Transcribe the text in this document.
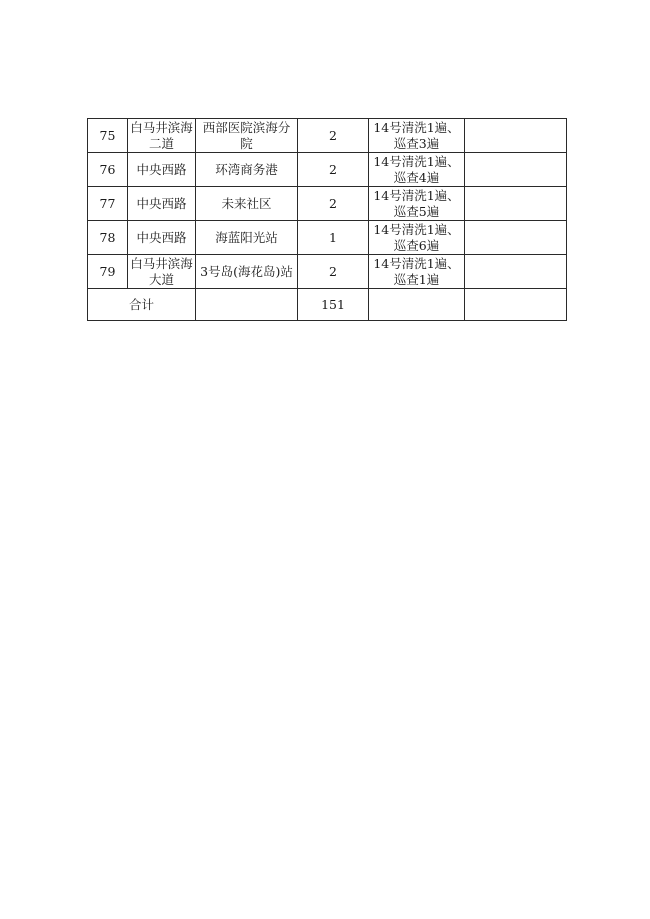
75	白马井滨海二道	西部医院滨海分院	2	14号清洗1遍、巡查3遍	
76	中央西路	环湾商务港	2	14号清洗1遍、巡查4遍	
77	中央西路	未来社区	2	14号清洗1遍、巡查5遍	
78	中央西路	海蓝阳光站	1	14号清洗1遍、巡查6遍	
79	白马井滨海大道	3号岛(海花岛)站	2	14号清洗1遍、巡查1遍	
合计			151		
